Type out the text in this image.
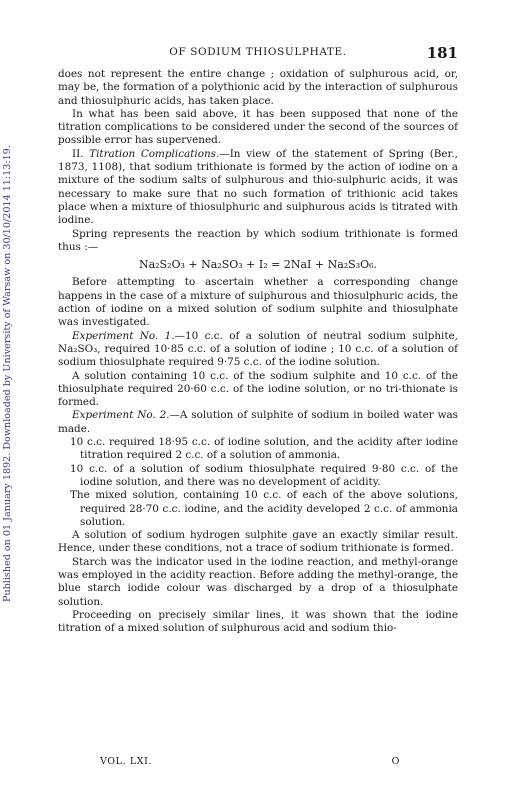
OF SODIUM THIOSULPHATE.	181
Published on 01 January 1892. Downloaded by University of Warsaw on 30/10/2014 11:13:19.

does not represent the entire change ; oxidation of sulphurous acid, or, may be, the formation of a polythionic acid by the interaction of sulphurous and thiosulphuric acids, has taken place.

In what has been said above, it has been supposed that none of the titration complications to be considered under the second of the sources of possible error has supervened.

II. Titration Complications.—In view of the statement of Spring (Ber., 1873, 1108), that sodium trithionate is formed by the action of iodine on a mixture of the sodium salts of sulphurous and thio-sulphuric acids, it was necessary to make sure that no such formation of trithionic acid takes place when a mixture of thiosulphuric and sulphurous acids is titrated with iodine.

Spring represents the reaction by which sodium trithionate is formed thus :—

Na₂S₂O₃ + Na₂SO₃ + I₂ = 2NaI + Na₂S₃O₆.

Before attempting to ascertain whether a corresponding change happens in the case of a mixture of sulphurous and thiosulphuric acids, the action of iodine on a mixed solution of sodium sulphite and thiosulphate was investigated.

Experiment No. 1.—10 c.c. of a solution of neutral sodium sulphite, Na₂SO₃, required 10·85 c.c. of a solution of iodine ; 10 c.c. of a solution of sodium thiosulphate required 9·75 c.c. of the iodine solution.

A solution containing 10 c.c. of the sodium sulphite and 10 c.c. of the thiosulphate required 20·60 c.c. of the iodine solution, or no tri-thionate is formed.

Experiment No. 2.—A solution of sulphite of sodium in boiled water was made.

10 c.c. required 18·95 c.c. of iodine solution, and the acidity after iodine titration required 2 c.c. of a solution of ammonia.

10 c.c. of a solution of sodium thiosulphate required 9·80 c.c. of the iodine solution, and there was no development of acidity.

The mixed solution, containing 10 c.c. of each of the above solutions, required 28·70 c.c. iodine, and the acidity developed 2 c.c. of ammonia solution.

A solution of sodium hydrogen sulphite gave an exactly similar result. Hence, under these conditions, not a trace of sodium trithionate is formed.

Starch was the indicator used in the iodine reaction, and methyl-orange was employed in the acidity reaction. Before adding the methyl-orange, the blue starch iodide colour was discharged by a drop of a thiosulphate solution.

Proceeding on precisely similar lines, it was shown that the iodine titration of a mixed solution of sulphurous acid and sodium thio-

VOL. LXI.	O
